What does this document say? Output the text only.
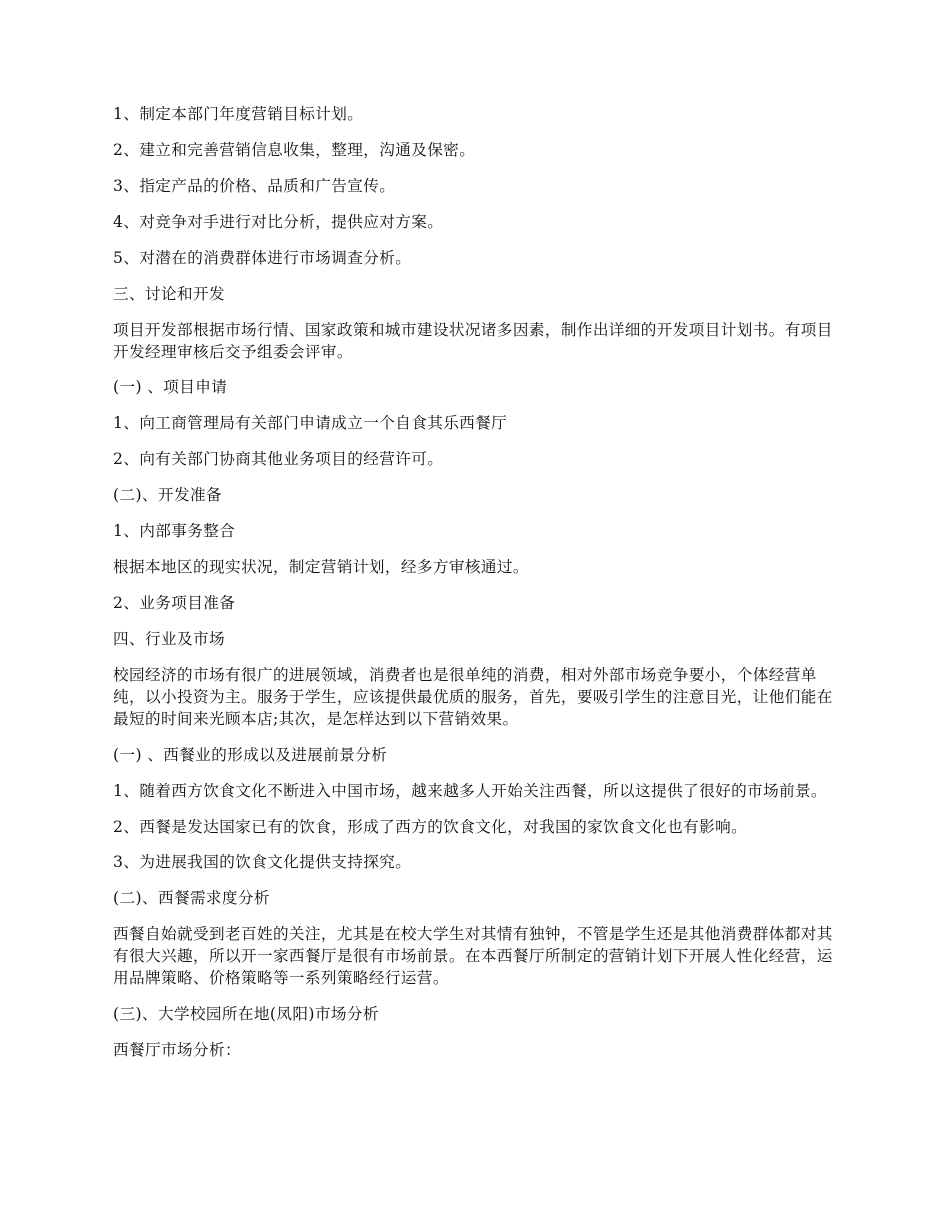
1、制定本部门年度营销目标计划。

2、建立和完善营销信息收集，整理，沟通及保密。

3、指定产品的价格、品质和广告宣传。

4、对竞争对手进行对比分析，提供应对方案。

5、对潜在的消费群体进行市场调查分析。

三、讨论和开发

项目开发部根据市场行情、国家政策和城市建设状况诸多因素，制作出详细的开发项目计划书。有项目开发经理审核后交予组委会评审。

(一) 、项目申请

1、向工商管理局有关部门申请成立一个自食其乐西餐厅

2、向有关部门协商其他业务项目的经营许可。

(二)、开发准备

1、内部事务整合

根据本地区的现实状况，制定营销计划，经多方审核通过。

2、业务项目准备

四、行业及市场

校园经济的市场有很广的进展领域，消费者也是很单纯的消费，相对外部市场竞争要小，个体经营单纯，以小投资为主。服务于学生，应该提供最优质的服务，首先，要吸引学生的注意目光，让他们能在最短的时间来光顾本店;其次，是怎样达到以下营销效果。

(一) 、西餐业的形成以及进展前景分析

1、随着西方饮食文化不断进入中国市场，越来越多人开始关注西餐，所以这提供了很好的市场前景。

2、西餐是发达国家已有的饮食，形成了西方的饮食文化，对我国的家饮食文化也有影响。

3、为进展我国的饮食文化提供支持探究。

(二)、西餐需求度分析

西餐自始就受到老百姓的关注，尤其是在校大学生对其情有独钟，不管是学生还是其他消费群体都对其有很大兴趣，所以开一家西餐厅是很有市场前景。在本西餐厅所制定的营销计划下开展人性化经营，运用品牌策略、价格策略等一系列策略经行运营。

(三)、大学校园所在地(凤阳)市场分析

西餐厅市场分析：
